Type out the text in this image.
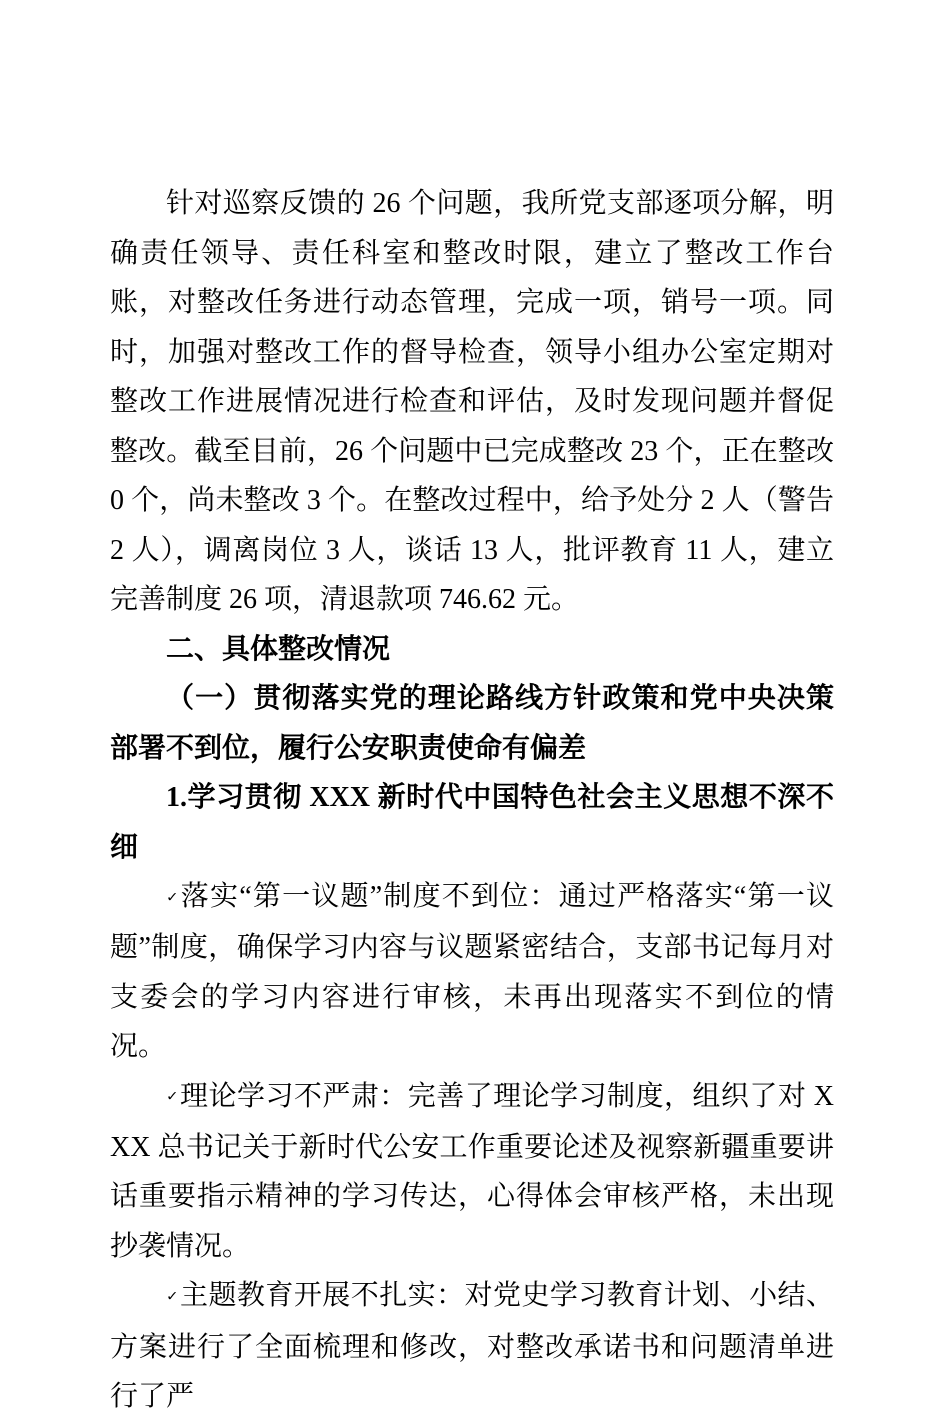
针对巡察反馈的 26 个问题，我所党支部逐项分解，明确责任领导、责任科室和整改时限，建立了整改工作台账，对整改任务进行动态管理，完成一项，销号一项。同时，加强对整改工作的督导检查，领导小组办公室定期对整改工作进展情况进行检查和评估，及时发现问题并督促整改。截至目前，26 个问题中已完成整改 23 个，正在整改 0 个，尚未整改 3 个。在整改过程中，给予处分 2 人（警告 2 人），调离岗位 3 人，谈话 13 人，批评教育 11 人，建立完善制度 26 项，清退款项 746.62 元。

二、具体整改情况

（一）贯彻落实党的理论路线方针政策和党中央决策部署不到位，履行公安职责使命有偏差

1.学习贯彻 XXX 新时代中国特色社会主义思想不深不细

✓落实“第一议题”制度不到位：通过严格落实“第一议题”制度，确保学习内容与议题紧密结合，支部书记每月对支委会的学习内容进行审核，未再出现落实不到位的情况。

✓理论学习不严肃：完善了理论学习制度，组织了对 XXX 总书记关于新时代公安工作重要论述及视察新疆重要讲话重要指示精神的学习传达，心得体会审核严格，未出现抄袭情况。

✓主题教育开展不扎实：对党史学习教育计划、小结、方案进行了全面梳理和修改，对整改承诺书和问题清单进行了严
